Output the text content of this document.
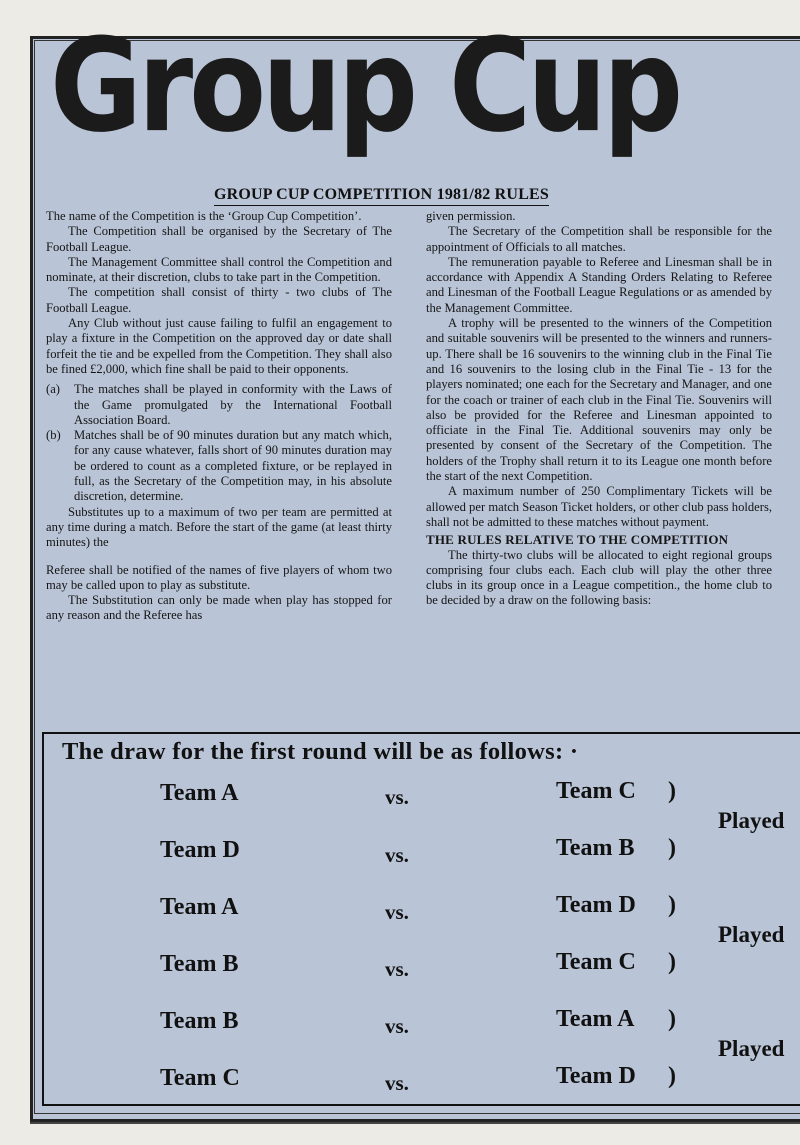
Group Cup
GROUP CUP COMPETITION 1981/82 RULES

The name of the Competition is the ‘Group Cup Competition’.

The Competition shall be organised by the Secretary of The Football League.

The Management Committee shall control the Competition and nominate, at their discretion, clubs to take part in the Competition.

The competition shall consist of thirty - two clubs of The Football League.

Any Club without just cause failing to fulfil an engagement to play a fixture in the Competition on the approved day or date shall forfeit the tie and be expelled from the Competition. They shall also be fined £2,000, which fine shall be paid to their opponents.

(a)	The matches shall be played in conformity with the Laws of the Game promulgated by the International Football Association Board.
(b)	Matches shall be of 90 minutes duration but any match which, for any cause whatever, falls short of 90 minutes duration may be ordered to count as a completed fixture, or be replayed in full, as the Secretary of the Competition may, in his absolute discretion, determine.

Substitutes up to a maximum of two per team are permitted at any time during a match. Before the start of the game (at least thirty minutes) the

Referee shall be notified of the names of five players of whom two may be called upon to play as substitute.

The Substitution can only be made when play has stopped for any reason and the Referee has

given permission.

The Secretary of the Competition shall be responsible for the appointment of Officials to all matches.

The remuneration payable to Referee and Linesman shall be in accordance with Appendix A Standing Orders Relating to Referee and Linesman of the Football League Regulations or as amended by the Management Committee.

A trophy will be presented to the winners of the Competition and suitable souvenirs will be presented to the winners and runners-up. There shall be 16 souvenirs to the winning club in the Final Tie and 16 souvenirs to the losing club in the Final Tie - 13 for the players nominated; one each for the Secretary and Manager, and one for the coach or trainer of each club in the Final Tie. Souvenirs will also be provided for the Referee and Linesman appointed to officiate in the Final Tie. Additional souvenirs may only be presented by consent of the Secretary of the Competition. The holders of the Trophy shall return it to its League one month before the start of the next Competition.

A maximum number of 250 Complimentary Tickets will be allowed per match Season Ticket holders, or other club pass holders, shall not be admitted to these matches without payment.

THE RULES RELATIVE TO THE COMPETITION

The thirty-two clubs will be allocated to eight regional groups comprising four clubs each. Each club will play the other three clubs in its group once in a League competition., the home club to be decided by a draw on the following basis:

The draw for the first round will be as follows: ·
Team A	vs.	Team C )
Team D	vs.	Team B )
Played
Team A	vs.	Team D )
Team B	vs.	Team C )
Played
Team B	vs.	Team A )
Team C	vs.	Team D )
Played
